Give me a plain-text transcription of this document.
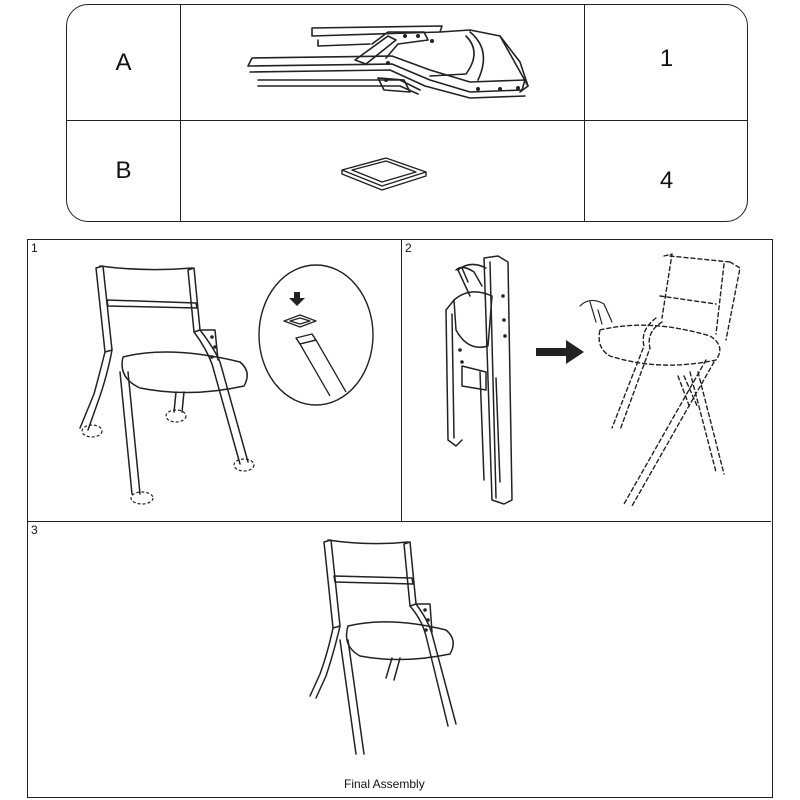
A
B
1
4
1	2
3
Final Assembly
